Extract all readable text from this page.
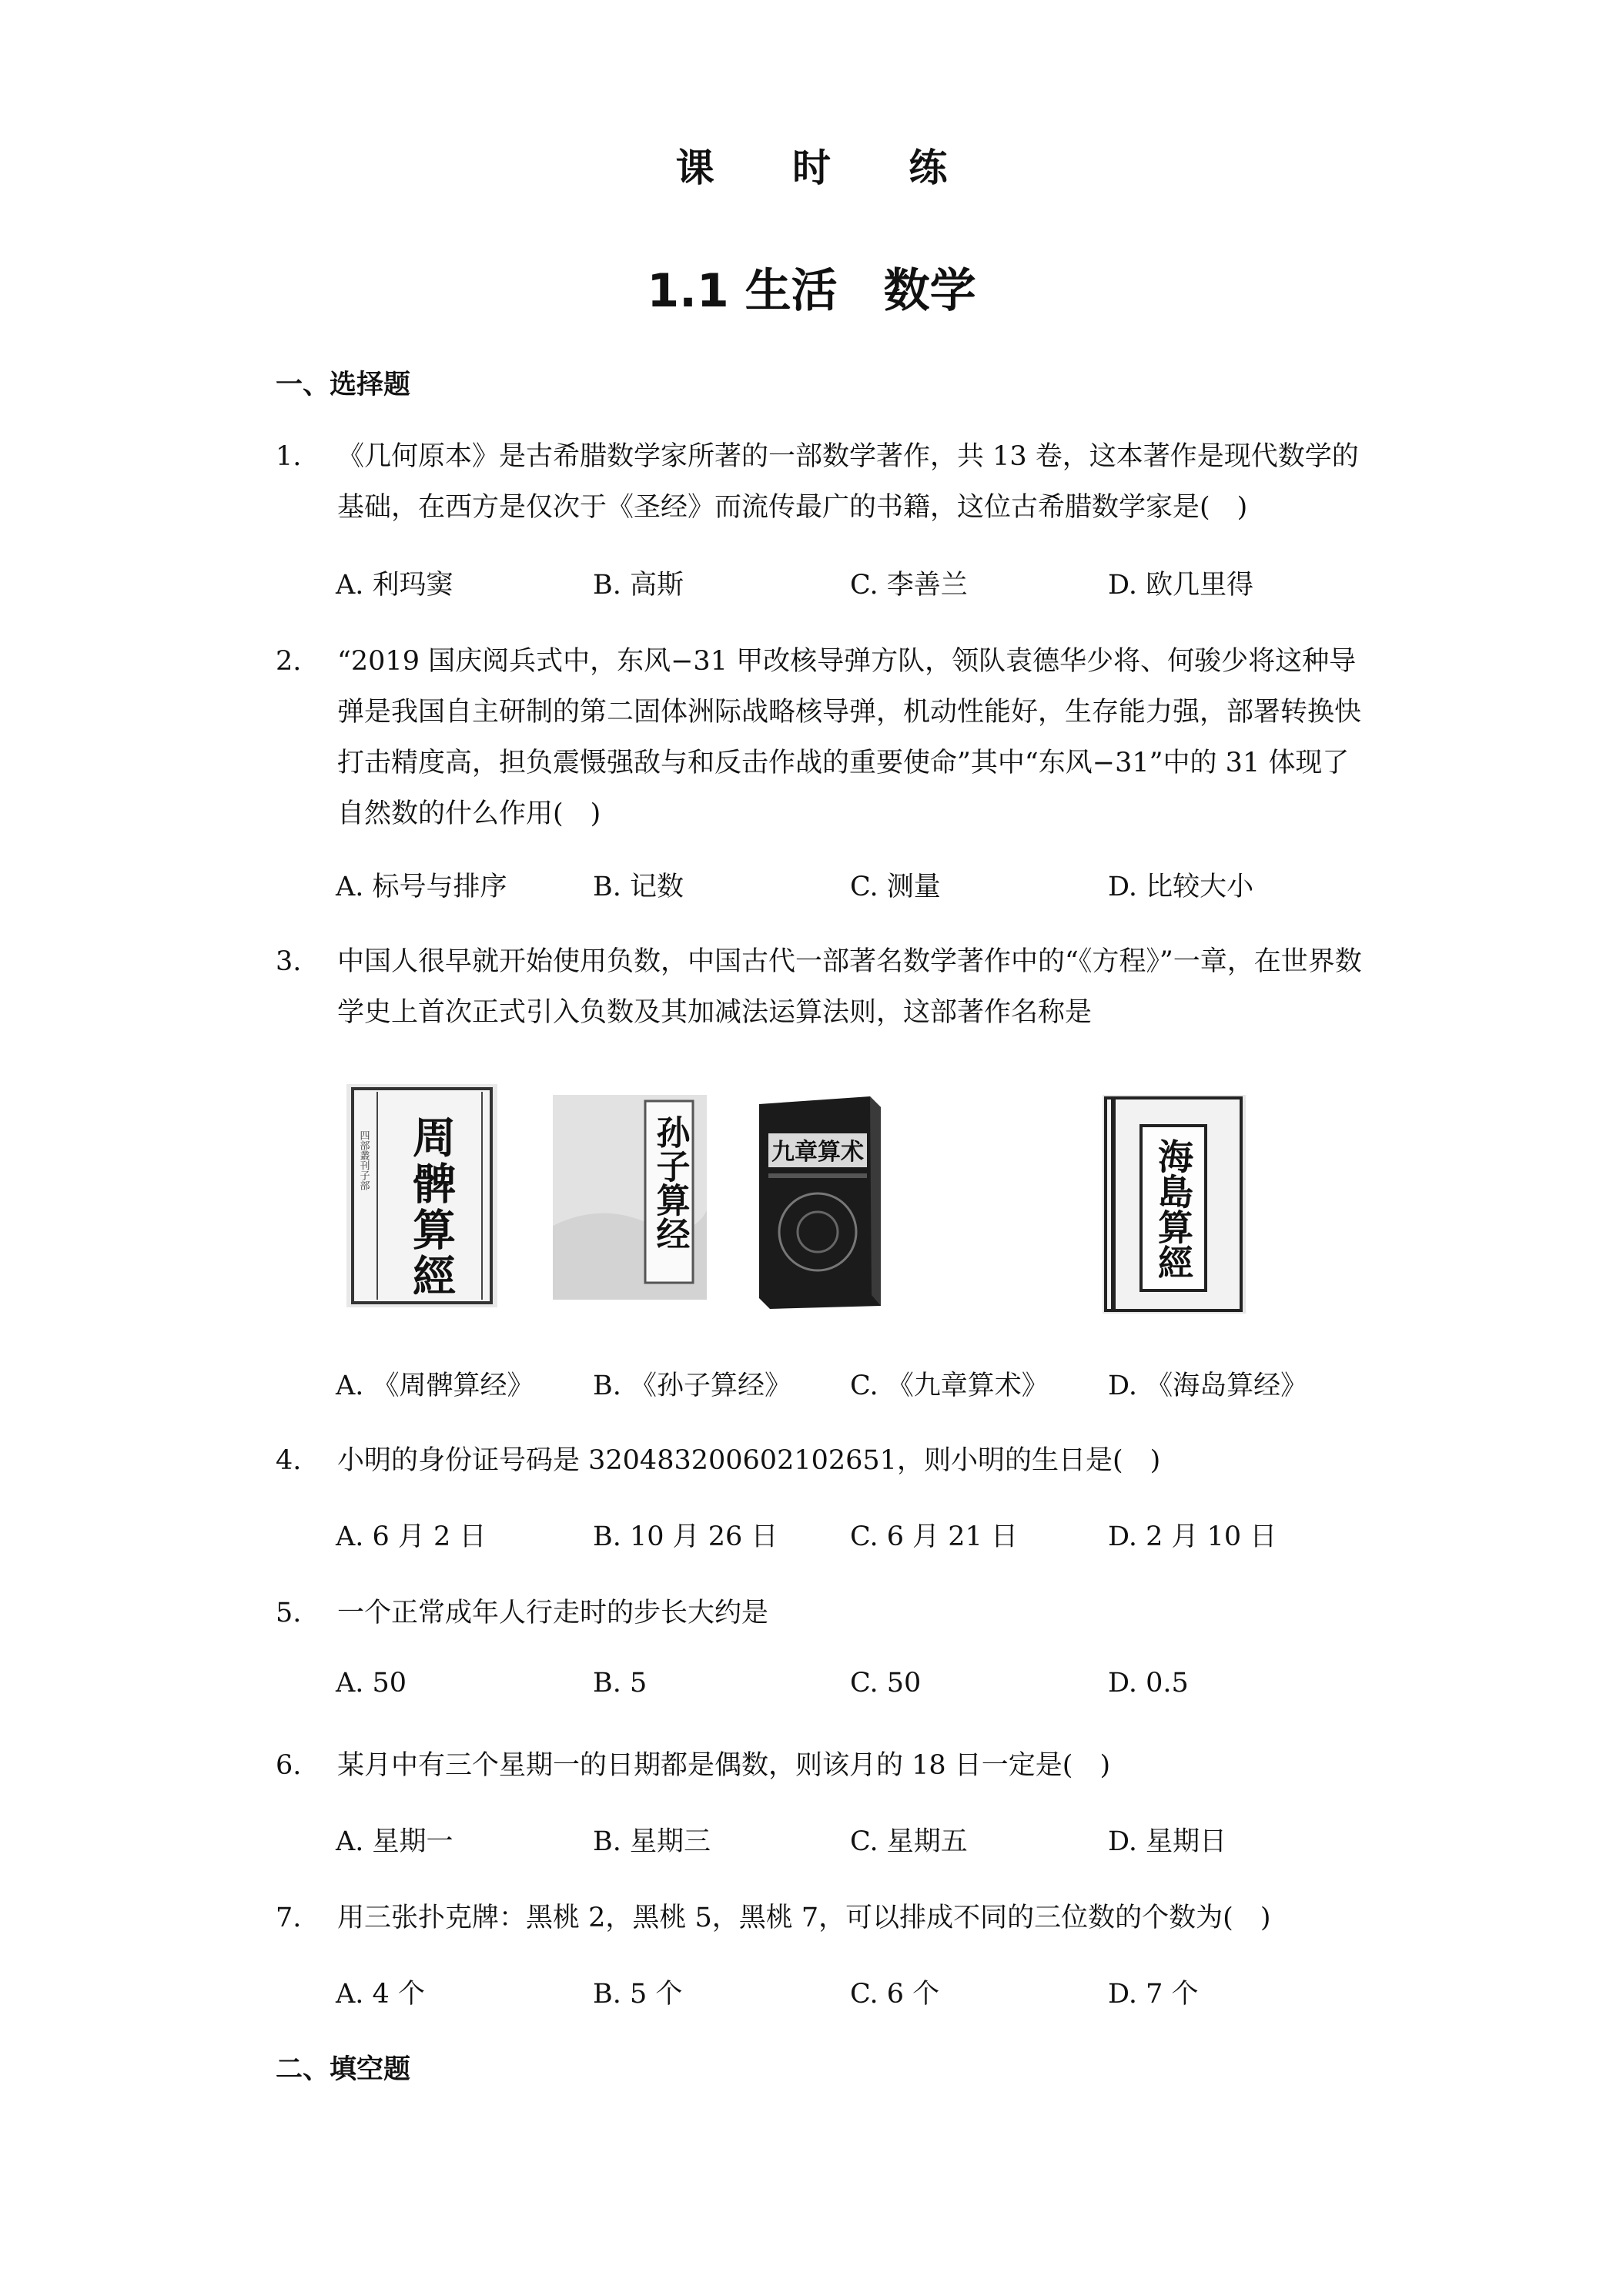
课 时 练
1.1 生活　数学
一、选择题
1. 《几何原本》是古希腊数学家所著的一部数学著作，共 13 卷，这本著作是现代数学的基础，在西方是仅次于《圣经》而流传最广的书籍，这位古希腊数学家是(　)
A. 利玛窦	B. 高斯	C. 李善兰	D. 欧几里得
2. “2019 国庆阅兵式中，东风−31 甲改核导弹方队，领队袁德华少将、何骏少将这种导弹是我国自主研制的第二固体洲际战略核导弹，机动性能好，生存能力强，部署转换快打击精度高，担负震慑强敌与和反击作战的重要使命”其中“东风−31”中的 31 体现了自然数的什么作用(　)
A. 标号与排序	B. 记数	C. 测量	D. 比较大小
3. 中国人很早就开始使用负数，中国古代一部著名数学著作中的“《方程》”一章，在世界数学史上首次正式引入负数及其加减法运算法则，这部著作名称是
四部叢刊子部 周髀算經	孙子算经	九章算术	海島算經
A. 《周髀算经》 B. 《孙子算经》 C. 《九章算术》 D. 《海岛算经》
4. 小明的身份证号码是 320483200602102651，则小明的生日是(　)
A. 6 月 2 日	B. 10 月 26 日	C. 6 月 21 日	D. 2 月 10 日
5. 一个正常成年人行走时的步长大约是
A. 50	B. 5	C. 50	D. 0.5
6. 某月中有三个星期一的日期都是偶数，则该月的 18 日一定是(　)
A. 星期一	B. 星期三	C. 星期五	D. 星期日
7. 用三张扑克牌：黑桃 2，黑桃 5，黑桃 7，可以排成不同的三位数的个数为(　)
A. 4 个	B. 5 个	C. 6 个	D. 7 个
二、填空题
